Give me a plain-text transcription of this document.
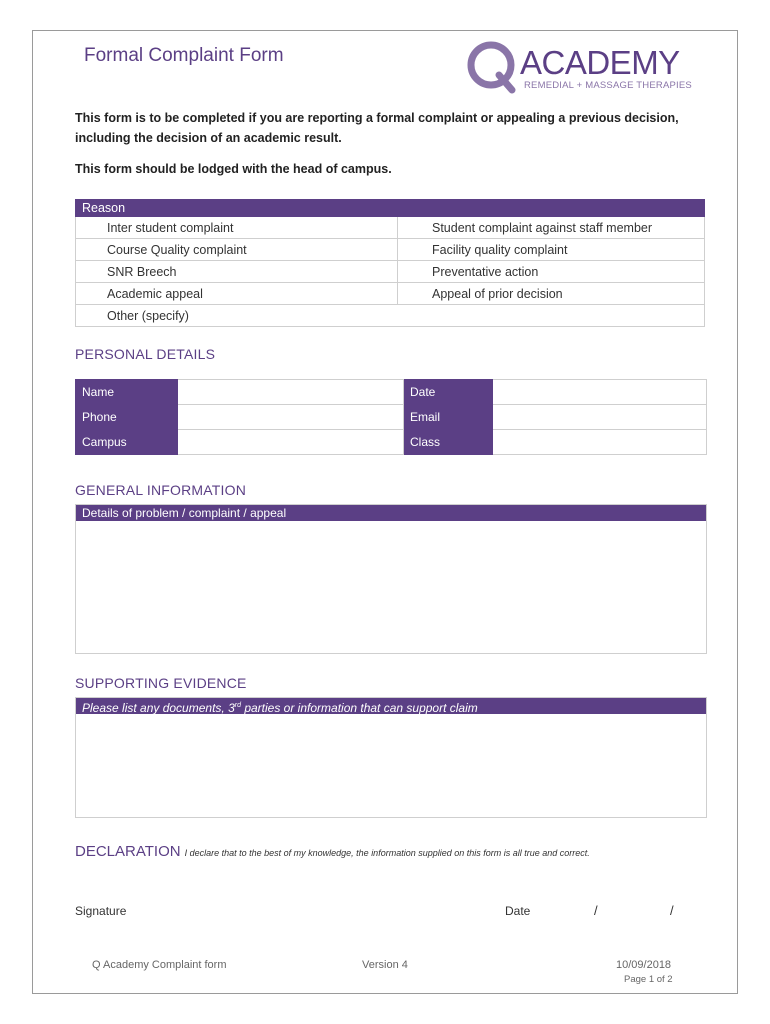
Formal Complaint Form	ACADEMY
REMEDIAL + MASSAGE THERAPIES
This form is to be completed if you are reporting a formal complaint or appealing a previous decision, including the decision of an academic result.
This form should be lodged with the head of campus.
Reason	
Inter student complaint	Student complaint against staff member
Course Quality complaint	Facility quality complaint
SNR Breech	Preventative action
Academic appeal	Appeal of prior decision
Other (specify)	
PERSONAL DETAILS
Name		Date	
Phone		Email	
Campus		Class	
GENERAL INFORMATION
Details of problem / complaint / appeal
SUPPORTING EVIDENCE
Please list any documents, 3rd parties or information that can support claim
DECLARATION I declare that to the best of my knowledge, the information supplied on this form is all true and correct.
Signature	Date	/	/
Q Academy Complaint form	Version 4	10/09/2018
Page 1 of 2
